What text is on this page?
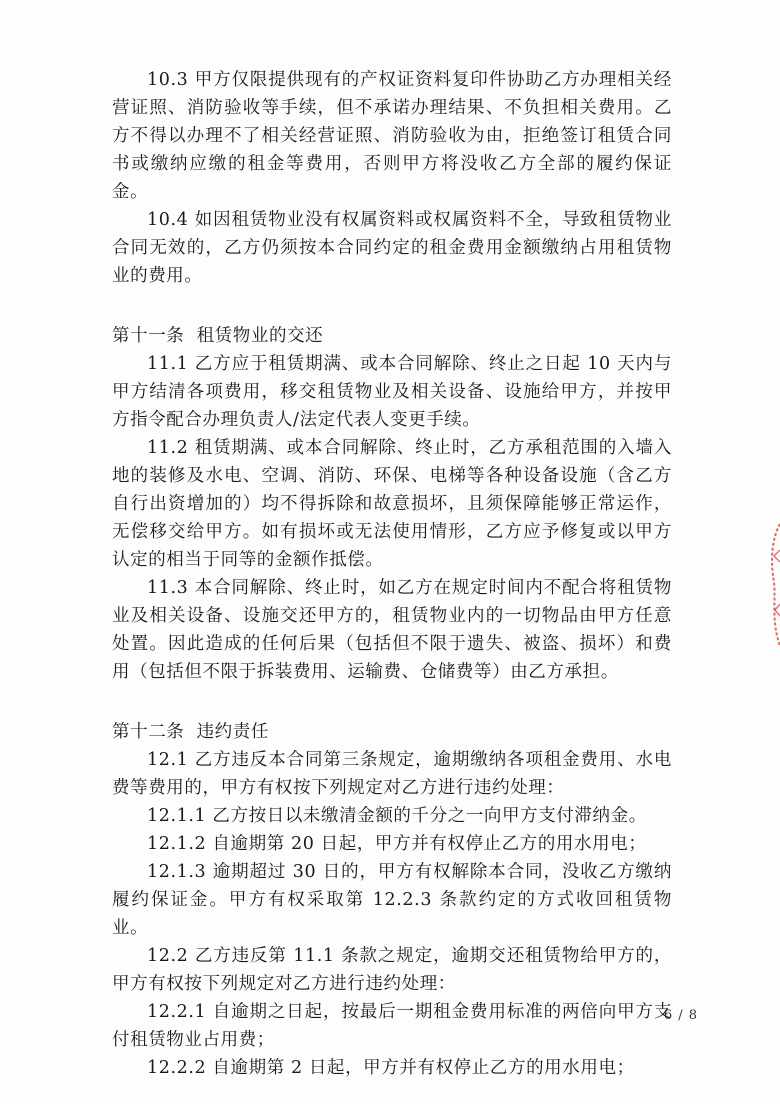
10.3 甲方仅限提供现有的产权证资料复印件协助乙方办理相关经营证照、消防验收等手续，但不承诺办理结果、不负担相关费用。乙方不得以办理不了相关经营证照、消防验收为由，拒绝签订租赁合同书或缴纳应缴的租金等费用，否则甲方将没收乙方全部的履约保证金。

10.4 如因租赁物业没有权属资料或权属资料不全，导致租赁物业合同无效的，乙方仍须按本合同约定的租金费用金额缴纳占用租赁物业的费用。

第十一条 租赁物业的交还

11.1 乙方应于租赁期满、或本合同解除、终止之日起 10 天内与甲方结清各项费用，移交租赁物业及相关设备、设施给甲方，并按甲方指令配合办理负责人/法定代表人变更手续。

11.2 租赁期满、或本合同解除、终止时，乙方承租范围的入墙入地的装修及水电、空调、消防、环保、电梯等各种设备设施（含乙方自行出资增加的）均不得拆除和故意损坏，且须保障能够正常运作，无偿移交给甲方。如有损坏或无法使用情形，乙方应予修复或以甲方认定的相当于同等的金额作抵偿。

11.3 本合同解除、终止时，如乙方在规定时间内不配合将租赁物业及相关设备、设施交还甲方的，租赁物业内的一切物品由甲方任意处置。因此造成的任何后果（包括但不限于遗失、被盗、损坏）和费用（包括但不限于拆装费用、运输费、仓储费等）由乙方承担。

第十二条 违约责任

12.1 乙方违反本合同第三条规定，逾期缴纳各项租金费用、水电费等费用的，甲方有权按下列规定对乙方进行违约处理：

12.1.1 乙方按日以未缴清金额的千分之一向甲方支付滞纳金。

12.1.2 自逾期第 20 日起，甲方并有权停止乙方的用水用电；

12.1.3 逾期超过 30 日的，甲方有权解除本合同，没收乙方缴纳履约保证金。甲方有权采取第 12.2.3 条款约定的方式收回租赁物业。

12.2 乙方违反第 11.1 条款之规定，逾期交还租赁物给甲方的，甲方有权按下列规定对乙方进行违约处理：

12.2.1 自逾期之日起，按最后一期租金费用标准的两倍向甲方支付租赁物业占用费；

12.2.2 自逾期第 2 日起，甲方并有权停止乙方的用水用电；

6 / 8
